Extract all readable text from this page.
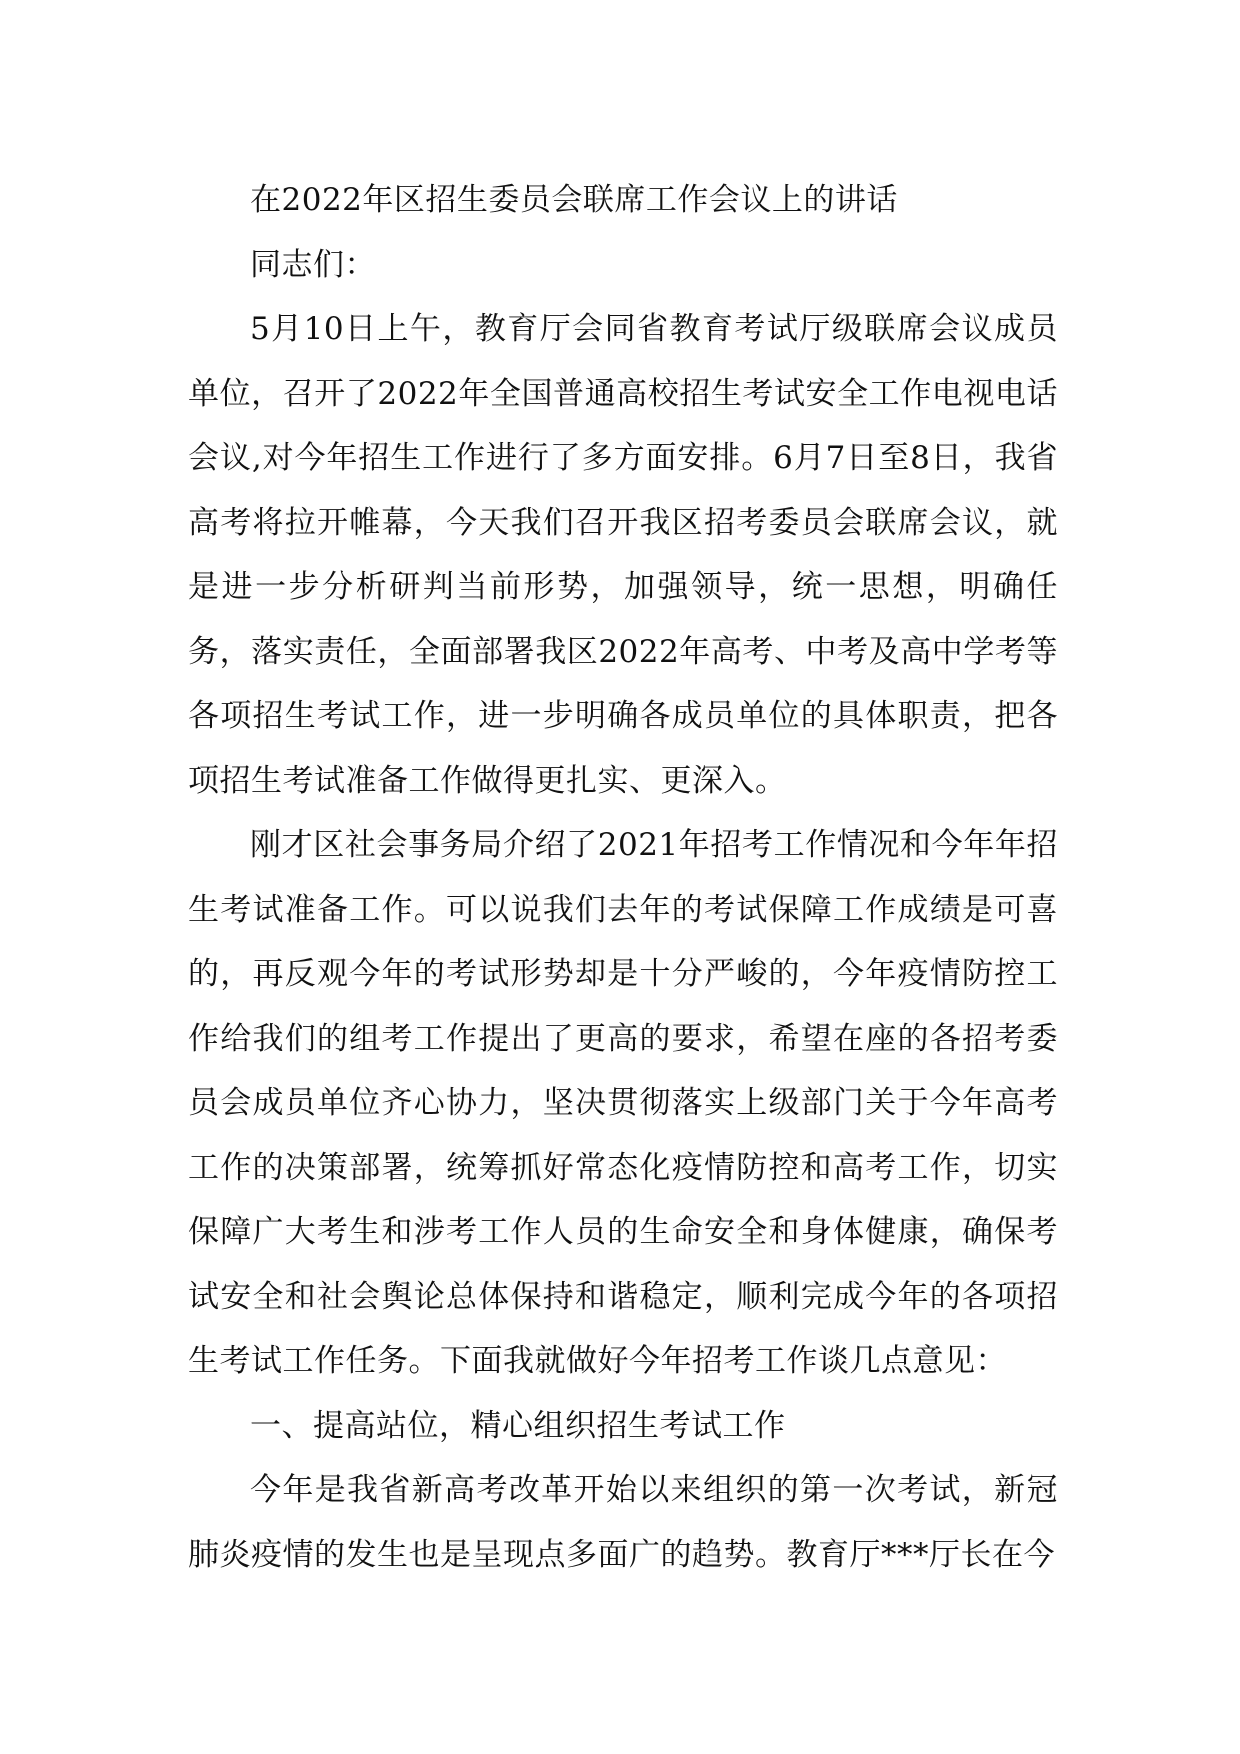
在2022年区招生委员会联席工作会议上的讲话

同志们：

5月10日上午，教育厅会同省教育考试厅级联席会议成员单位，召开了2022年全国普通高校招生考试安全工作电视电话会议,对今年招生工作进行了多方面安排。6月7日至8日，我省高考将拉开帷幕，今天我们召开我区招考委员会联席会议，就是进一步分析研判当前形势，加强领导，统一思想，明确任务，落实责任，全面部署我区2022年高考、中考及高中学考等各项招生考试工作，进一步明确各成员单位的具体职责，把各项招生考试准备工作做得更扎实、更深入。

刚才区社会事务局介绍了2021年招考工作情况和今年年招生考试准备工作。可以说我们去年的考试保障工作成绩是可喜的，再反观今年的考试形势却是十分严峻的，今年疫情防控工作给我们的组考工作提出了更高的要求，希望在座的各招考委员会成员单位齐心协力，坚决贯彻落实上级部门关于今年高考工作的决策部署，统筹抓好常态化疫情防控和高考工作，切实保障广大考生和涉考工作人员的生命安全和身体健康，确保考试安全和社会舆论总体保持和谐稳定，顺利完成今年的各项招生考试工作任务。下面我就做好今年招考工作谈几点意见：

一、提高站位，精心组织招生考试工作

今年是我省新高考改革开始以来组织的第一次考试，新冠肺炎疫情的发生也是呈现点多面广的趋势。教育厅***厅长在今
